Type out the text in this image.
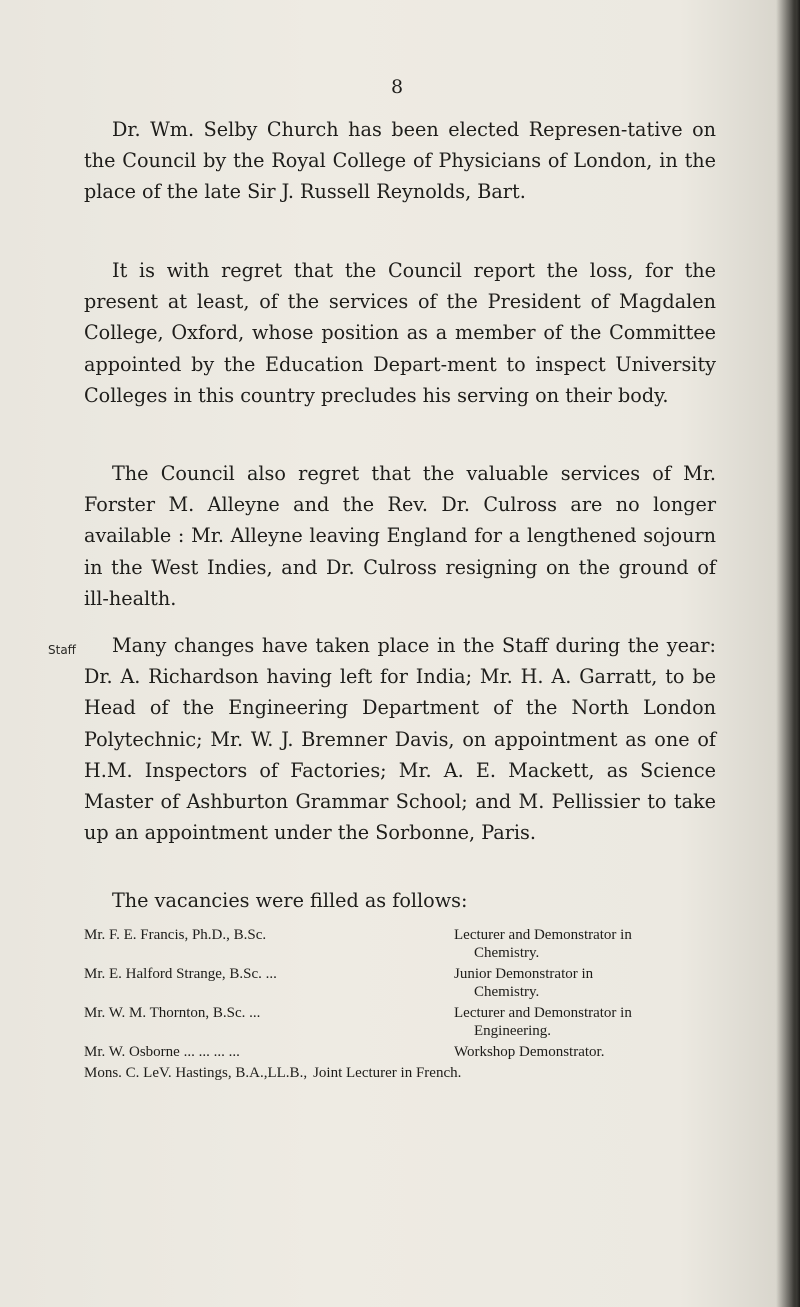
8

Dr. Wm. Selby Church has been elected Represen-tative on the Council by the Royal College of Physicians of London, in the place of the late Sir J. Russell Reynolds, Bart.

It is with regret that the Council report the loss, for the present at least, of the services of the President of Magdalen College, Oxford, whose position as a member of the Committee appointed by the Education Depart-ment to inspect University Colleges in this country precludes his serving on their body.

The Council also regret that the valuable services of Mr. Forster M. Alleyne and the Rev. Dr. Culross are no longer available : Mr. Alleyne leaving England for a lengthened sojourn in the West Indies, and Dr. Culross resigning on the ground of ill-health.

Staff	Many changes have taken place in the Staff during the year: Dr. A. Richardson having left for India; Mr. H. A. Garratt, to be Head of the Engineering Department of the North London Polytechnic; Mr. W. J. Bremner Davis, on appointment as one of H.M. Inspectors of Factories; Mr. A. E. Mackett, as Science Master of Ashburton Grammar School; and M. Pellissier to take up an appointment under the Sorbonne, Paris.

The vacancies were filled as follows:

Mr. F. E. Francis, Ph.D., B.Sc.	Lecturer and Demonstrator in
Chemistry.
Mr. E. Halford Strange, B.Sc. ...	Junior Demonstrator in
Chemistry.
Mr. W. M. Thornton, B.Sc. ...	Lecturer and Demonstrator in
Engineering.
Mr. W. Osborne ... ... ... ...	Workshop Demonstrator.
Mons. C. LeV. Hastings, B.A.,LL.B., Joint Lecturer in French.
